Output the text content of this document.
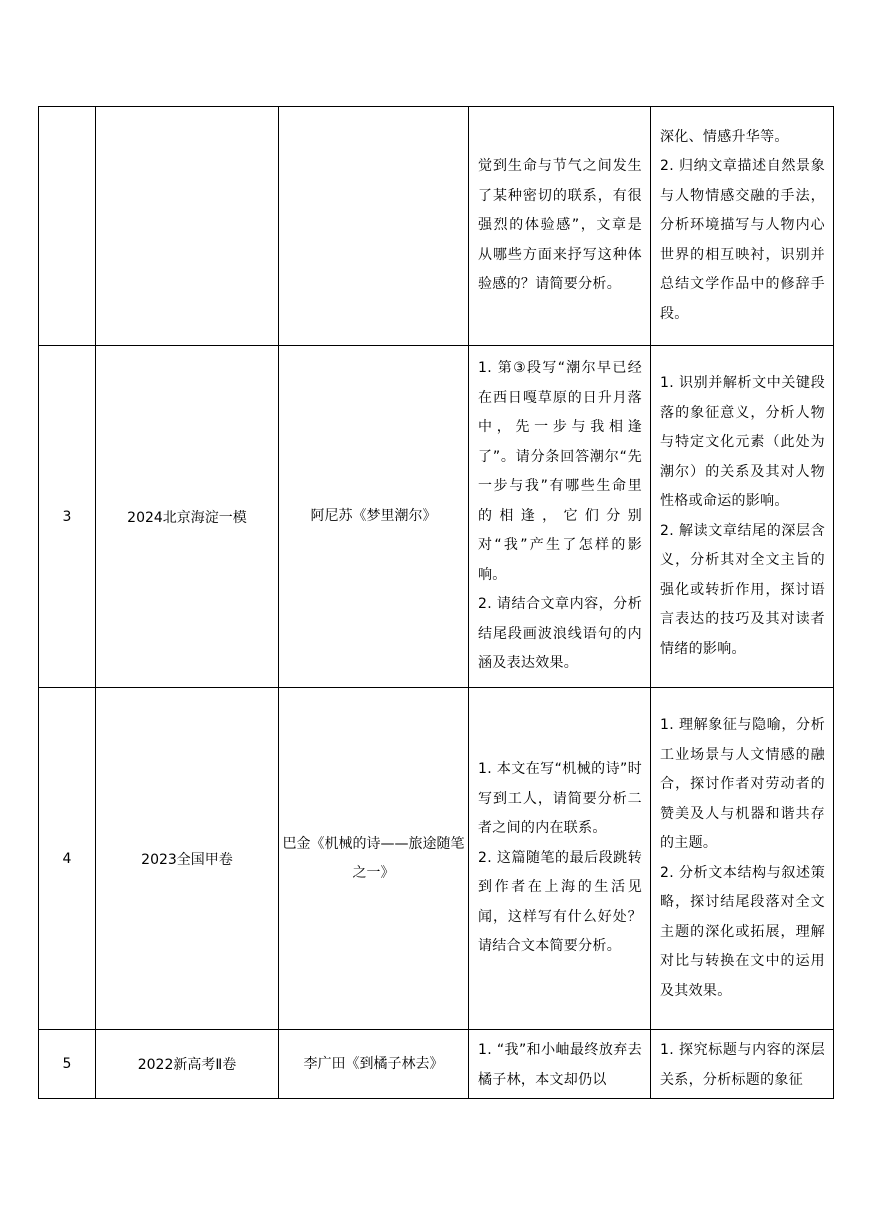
			觉到生命与节气之间发生了某种密切的联系，有很强烈的体验感”，文章是从哪些方面来抒写这种体验感的？请简要分析。	深化、情感升华等。
2. 归纳文章描述自然景象与人物情感交融的手法，分析环境描写与人物内心世界的相互映衬，识别并总结文学作品中的修辞手段。

3	2024北京海淀一模	阿尼苏《梦里潮尔》	1. 第③段写“潮尔早已经在西日嘎草原的日升月落中，先一步与我相逢了”。请分条回答潮尔“先一步与我”有哪些生命里的相逢，它们分别对“我”产生了怎样的影响。
2. 请结合文章内容，分析结尾段画波浪线语句的内涵及表达效果。	1. 识别并解析文中关键段落的象征意义，分析人物与特定文化元素（此处为潮尔）的关系及其对人物性格或命运的影响。
2. 解读文章结尾的深层含义，分析其对全文主旨的强化或转折作用，探讨语言表达的技巧及其对读者情绪的影响。

4	2023全国甲卷	巴金《机械的诗——旅途随笔之一》	1. 本文在写“机械的诗”时写到工人，请简要分析二者之间的内在联系。
2. 这篇随笔的最后段跳转到作者在上海的生活见闻，这样写有什么好处？请结合文本简要分析。	1. 理解象征与隐喻，分析工业场景与人文情感的融合，探讨作者对劳动者的赞美及人与机器和谐共存的主题。
2. 分析文本结构与叙述策略，探讨结尾段落对全文主题的深化或拓展，理解对比与转换在文中的运用及其效果。

5	2022新高考Ⅱ卷	李广田《到橘子林去》	1. “我”和小岫最终放弃去橘子林，本文却仍以	1. 探究标题与内容的深层关系，分析标题的象征
